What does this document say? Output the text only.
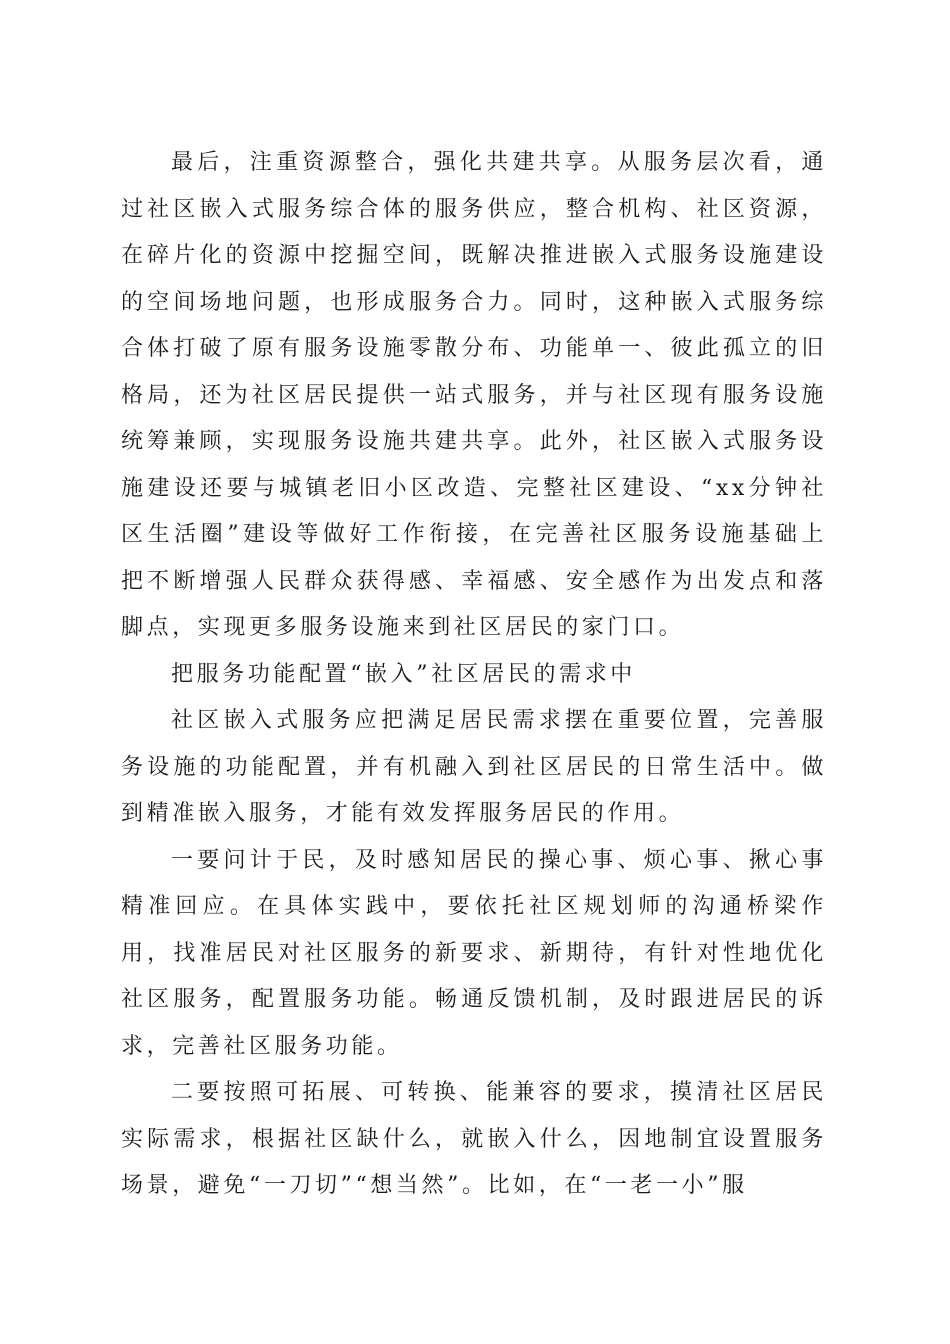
最后，注重资源整合，强化共建共享。从服务层次看，通过社区嵌入式服务综合体的服务供应，整合机构、社区资源，在碎片化的资源中挖掘空间，既解决推进嵌入式服务设施建设的空间场地问题，也形成服务合力。同时，这种嵌入式服务综合体打破了原有服务设施零散分布、功能单一、彼此孤立的旧格局，还为社区居民提供一站式服务，并与社区现有服务设施统筹兼顾，实现服务设施共建共享。此外，社区嵌入式服务设施建设还要与城镇老旧小区改造、完整社区建设、“xx分钟社区生活圈”建设等做好工作衔接，在完善社区服务设施基础上把不断增强人民群众获得感、幸福感、安全感作为出发点和落脚点，实现更多服务设施来到社区居民的家门口。

把服务功能配置“嵌入”社区居民的需求中

社区嵌入式服务应把满足居民需求摆在重要位置，完善服务设施的功能配置，并有机融入到社区居民的日常生活中。做到精准嵌入服务，才能有效发挥服务居民的作用。

一要问计于民，及时感知居民的操心事、烦心事、揪心事精准回应。在具体实践中，要依托社区规划师的沟通桥梁作用，找准居民对社区服务的新要求、新期待，有针对性地优化社区服务，配置服务功能。畅通反馈机制，及时跟进居民的诉求，完善社区服务功能。

二要按照可拓展、可转换、能兼容的要求，摸清社区居民实际需求，根据社区缺什么，就嵌入什么，因地制宜设置服务场景，避免“一刀切”“想当然”。比如，在“一老一小”服
